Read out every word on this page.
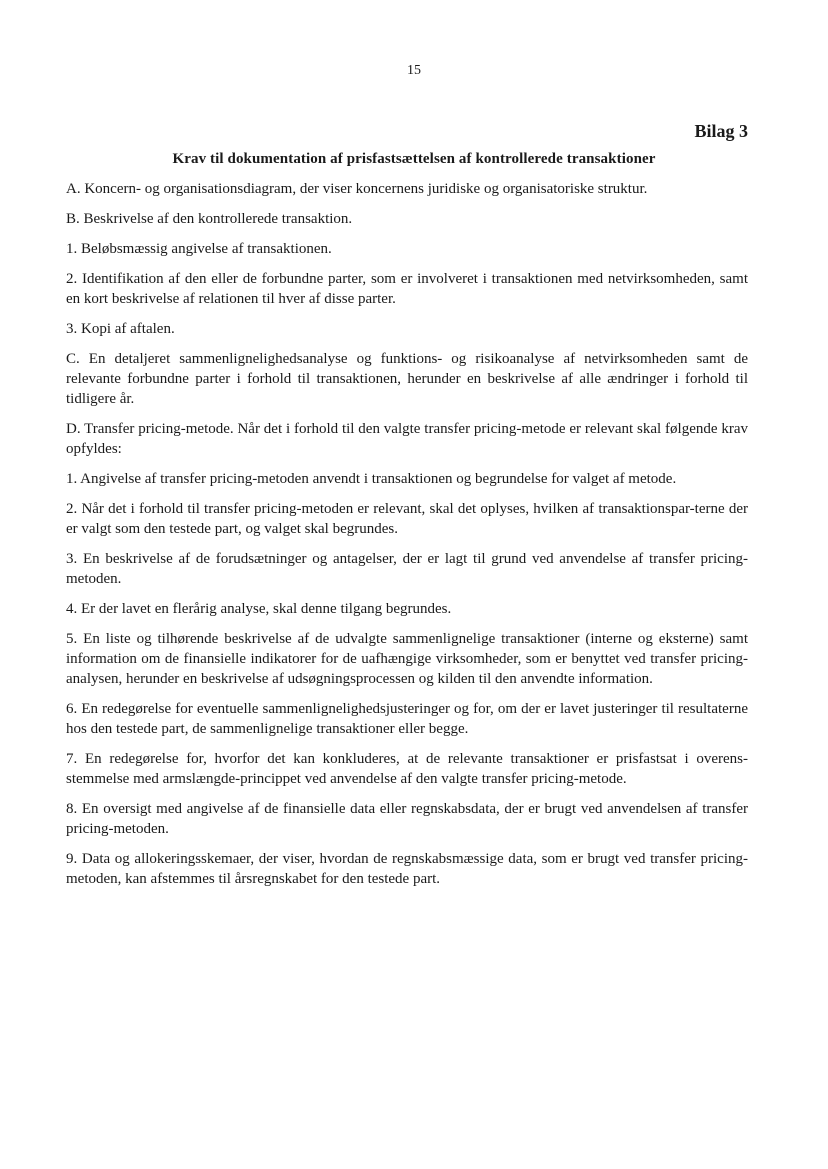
15
Bilag 3
Krav til dokumentation af prisfastsættelsen af kontrollerede transaktioner

A. Koncern- og organisationsdiagram, der viser koncernens juridiske og organisatoriske struktur.

B. Beskrivelse af den kontrollerede transaktion.

1. Beløbsmæssig angivelse af transaktionen.

2. Identifikation af den eller de forbundne parter, som er involveret i transaktionen med netvirksomheden, samt en kort beskrivelse af relationen til hver af disse parter.

3. Kopi af aftalen.

C. En detaljeret sammenlignelighedsanalyse og funktions- og risikoanalyse af netvirksomheden samt de relevante forbundne parter i forhold til transaktionen, herunder en beskrivelse af alle ændringer i forhold til tidligere år.

D. Transfer pricing-metode. Når det i forhold til den valgte transfer pricing-metode er relevant skal følgende krav opfyldes:

1. Angivelse af transfer pricing-metoden anvendt i transaktionen og begrundelse for valget af metode.

2. Når det i forhold til transfer pricing-metoden er relevant, skal det oplyses, hvilken af transaktionspar-terne der er valgt som den testede part, og valget skal begrundes.

3. En beskrivelse af de forudsætninger og antagelser, der er lagt til grund ved anvendelse af transfer pricing-metoden.

4. Er der lavet en flerårig analyse, skal denne tilgang begrundes.

5. En liste og tilhørende beskrivelse af de udvalgte sammenlignelige transaktioner (interne og eksterne) samt information om de finansielle indikatorer for de uafhængige virksomheder, som er benyttet ved transfer pricing-analysen, herunder en beskrivelse af udsøgningsprocessen og kilden til den anvendte information.

6. En redegørelse for eventuelle sammenlignelighedsjusteringer og for, om der er lavet justeringer til resultaterne hos den testede part, de sammenlignelige transaktioner eller begge.

7. En redegørelse for, hvorfor det kan konkluderes, at de relevante transaktioner er prisfastsat i overens-stemmelse med armslængde-princippet ved anvendelse af den valgte transfer pricing-metode.

8. En oversigt med angivelse af de finansielle data eller regnskabsdata, der er brugt ved anvendelsen af transfer pricing-metoden.

9. Data og allokeringsskemaer, der viser, hvordan de regnskabsmæssige data, som er brugt ved transfer pricing-metoden, kan afstemmes til årsregnskabet for den testede part.
